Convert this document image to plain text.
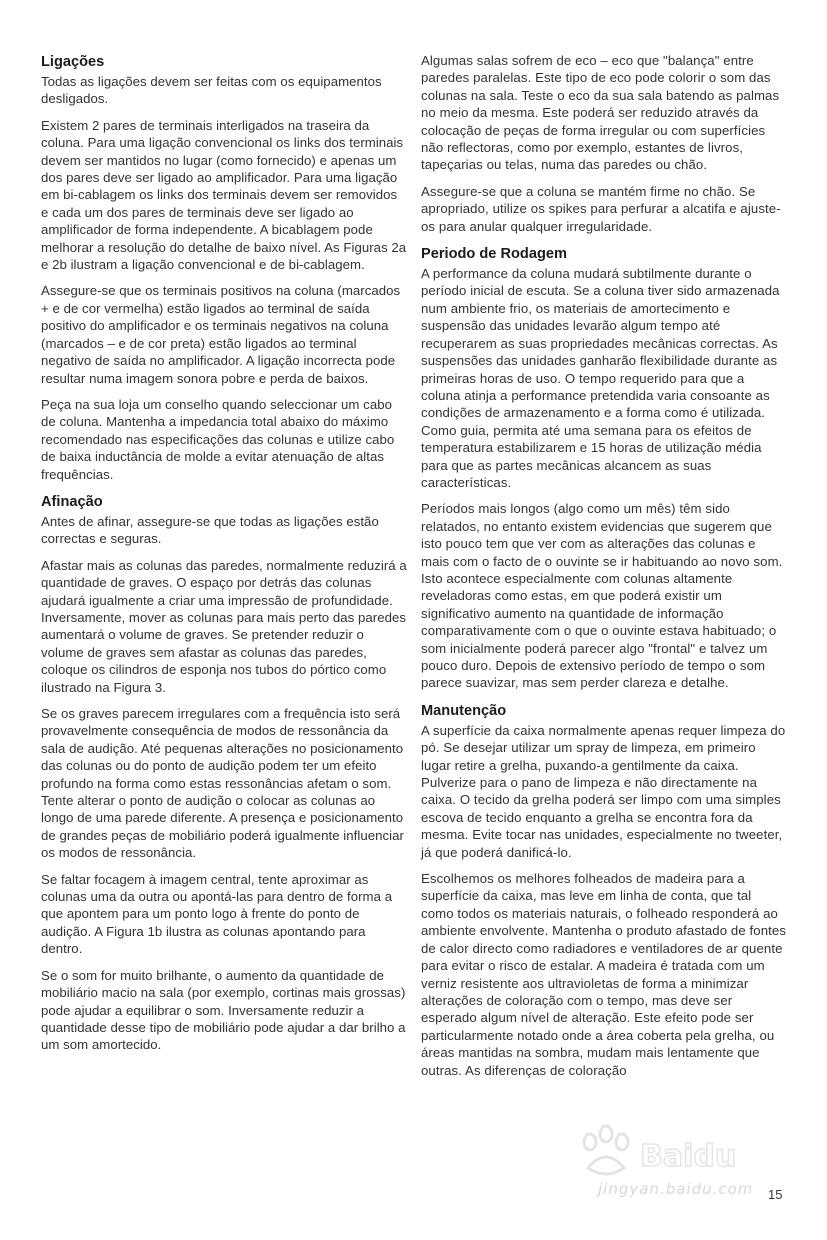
Ligações

Todas as ligações devem ser feitas com os equipamentos desligados.

Existem 2 pares de terminais interligados na traseira da coluna. Para uma ligação convencional os links dos terminais devem ser mantidos no lugar (como fornecido) e apenas um dos pares deve ser ligado ao amplificador. Para uma ligação em bi-cablagem os links dos terminais devem ser removidos e cada um dos pares de terminais deve ser ligado ao amplificador de forma independente. A bicablagem pode melhorar a resolução do detalhe de baixo nível. As Figuras 2a e 2b ilustram a ligação convencional e de bi-cablagem.

Assegure-se que os terminais positivos na coluna (marcados + e de cor vermelha) estão ligados ao terminal de saída positivo do amplificador e os terminais negativos na coluna (marcados – e de cor preta) estão ligados ao terminal negativo de saída no amplificador. A ligação incorrecta pode resultar numa imagem sonora pobre e perda de baixos.

Peça na sua loja um conselho quando seleccionar um cabo de coluna. Mantenha a impedancia total abaixo do máximo recomendado nas especificações das colunas e utilize cabo de baixa inductância de molde a evitar atenuação de altas frequências.

Afinação

Antes de afinar, assegure-se que todas as ligações estão correctas e seguras.

Afastar mais as colunas das paredes, normalmente reduzirá a quantidade de graves. O espaço por detrás das colunas ajudará igualmente a criar uma impressão de profundidade. Inversamente, mover as colunas para mais perto das paredes aumentará o volume de graves. Se pretender reduzir o volume de graves sem afastar as colunas das paredes, coloque os cilindros de esponja nos tubos do pórtico como ilustrado na Figura 3.

Se os graves parecem irregulares com a frequência isto será provavelmente consequência de modos de ressonância da sala de audição. Até pequenas alterações no posicionamento das colunas ou do ponto de audição podem ter um efeito profundo na forma como estas ressonâncias afetam o som. Tente alterar o ponto de audição o colocar as colunas ao longo de uma parede diferente. A presença e posicionamento de grandes peças de mobiliário poderá igualmente influenciar os modos de ressonância.

Se faltar focagem à imagem central, tente aproximar as colunas uma da outra ou apontá-las para dentro de forma a que apontem para um ponto logo à frente do ponto de audição. A Figura 1b ilustra as colunas apontando para dentro.

Se o som for muito brilhante, o aumento da quantidade de mobiliário macio na sala (por exemplo, cortinas mais grossas) pode ajudar a equilibrar o som. Inversamente reduzir a quantidade desse tipo de mobiliário pode ajudar a dar brilho a um som amortecido.

Algumas salas sofrem de eco – eco que "balança" entre paredes paralelas. Este tipo de eco pode colorir o som das colunas na sala. Teste o eco da sua sala batendo as palmas no meio da mesma. Este poderá ser reduzido através da colocação de peças de forma irregular ou com superfícies não reflectoras, como por exemplo, estantes de livros, tapeçarias ou telas, numa das paredes ou chão.

Assegure-se que a coluna se mantém firme no chão. Se apropriado, utilize os spikes para perfurar a alcatifa e ajuste-os para anular qualquer irregularidade.

Periodo de Rodagem

A performance da coluna mudará subtilmente durante o período inicial de escuta. Se a coluna tiver sido armazenada num ambiente frio, os materiais de amortecimento e suspensão das unidades levarão algum tempo até recuperarem as suas propriedades mecânicas correctas. As suspensões das unidades ganharão flexibilidade durante as primeiras horas de uso. O tempo requerido para que a coluna atinja a performance pretendida varia consoante as condições de armazenamento e a forma como é utilizada. Como guia, permita até uma semana para os efeitos de temperatura estabilizarem e 15 horas de utilização média para que as partes mecânicas alcancem as suas características.

Períodos mais longos (algo como um mês) têm sido relatados, no entanto existem evidencias que sugerem que isto pouco tem que ver com as alterações das colunas e mais com o facto de o ouvinte se ir habituando ao novo som. Isto acontece especialmente com colunas altamente reveladoras como estas, em que poderá existir um significativo aumento na quantidade de informação comparativamente com o que o ouvinte estava habituado; o som inicialmente poderá parecer algo "frontal" e talvez um pouco duro. Depois de extensivo período de tempo o som parece suavizar, mas sem perder clareza e detalhe.

Manutenção

A superfície da caixa normalmente apenas requer limpeza do pó. Se desejar utilizar um spray de limpeza, em primeiro lugar retire a grelha, puxando-a gentilmente da caixa. Pulverize para o pano de limpeza e não directamente na caixa. O tecido da grelha poderá ser limpo com uma simples escova de tecido enquanto a grelha se encontra fora da mesma. Evite tocar nas unidades, especialmente no tweeter, já que poderá danificá-lo.

Escolhemos os melhores folheados de madeira para a superfície da caixa, mas leve em linha de conta, que tal como todos os materiais naturais, o folheado responderá ao ambiente envolvente. Mantenha o produto afastado de fontes de calor directo como radiadores e ventiladores de ar quente para evitar o risco de estalar. A madeira é tratada com um verniz resistente aos ultravioletas de forma a minimizar alterações de coloração com o tempo, mas deve ser esperado algum nível de alteração. Este efeito pode ser particularmente notado onde a área coberta pela grelha, ou áreas mantidas na sombra, mudam mais lentamente que outras. As diferenças de coloração

Baidu
jingyan.baidu.com 15
